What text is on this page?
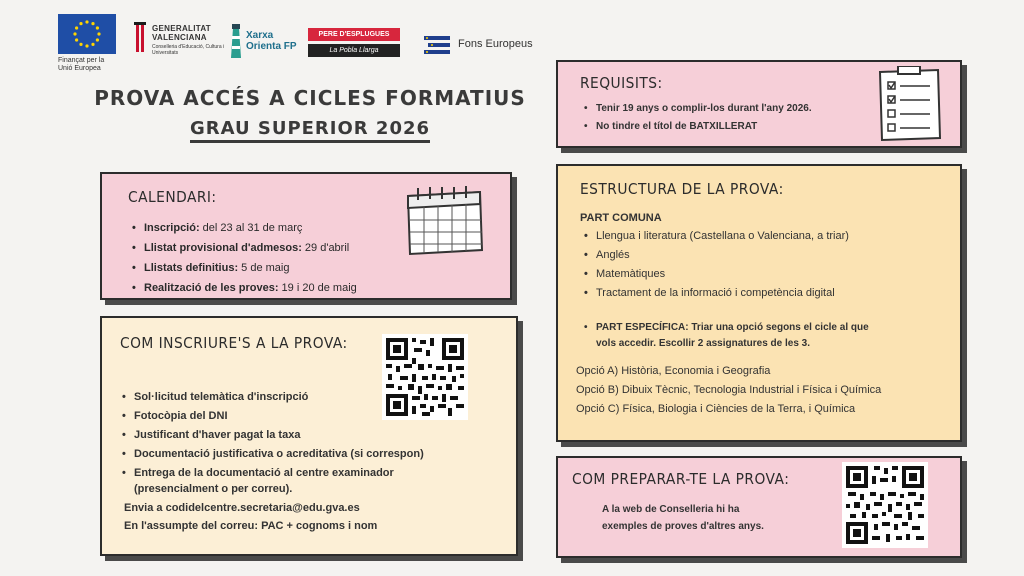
Finançat per la Unió Europea
GENERALITAT VALENCIANA
Conselleria d'Educació, Cultura i Universitats
Xarxa Orienta FP
PERE D'ESPLUGUES
La Pobla Llarga
Fons Europeus
PROVA ACCÉS A CICLES FORMATIUS
GRAU SUPERIOR 2026
CALENDARI:
• Inscripció: del 23 al 31 de març
• Llistat provisional d'admesos: 29 d'abril
• Llistats definitius: 5 de maig
• Realització de les proves: 19 i 20 de maig
COM INSCRIURE'S A LA PROVA:
• Sol·licitud telemàtica d'inscripció
• Fotocòpia del DNI
• Justificant d'haver pagat la taxa
• Documentació justificativa o acreditativa (si correspon)
• Entrega de la documentació al centre examinador
(presencialment o per correu).
Envia a codidelcentre.secretaria@edu.gva.es
En l'assumpte del correu: PAC + cognoms i nom
REQUISITS:
• Tenir 19 anys o complir-los durant l'any 2026.
• No tindre el títol de BATXILLERAT
ESTRUCTURA DE LA PROVA:
PART COMUNA
• Llengua i literatura (Castellana o Valenciana, a triar)
• Anglés
• Matemàtiques
• Tractament de la informació i competència digital
• PART ESPECÍFICA: Triar una opció segons el cicle al que
vols accedir. Escollir 2 assignatures de les 3.
Opció A) Història, Economia i Geografia
Opció B) Dibuix Tècnic, Tecnologia Industrial i Física i Química
Opció C) Física, Biologia i Ciències de la Terra, i Química
COM PREPARAR-TE LA PROVA:
A la web de Conselleria hi ha
exemples de proves d'altres anys.
